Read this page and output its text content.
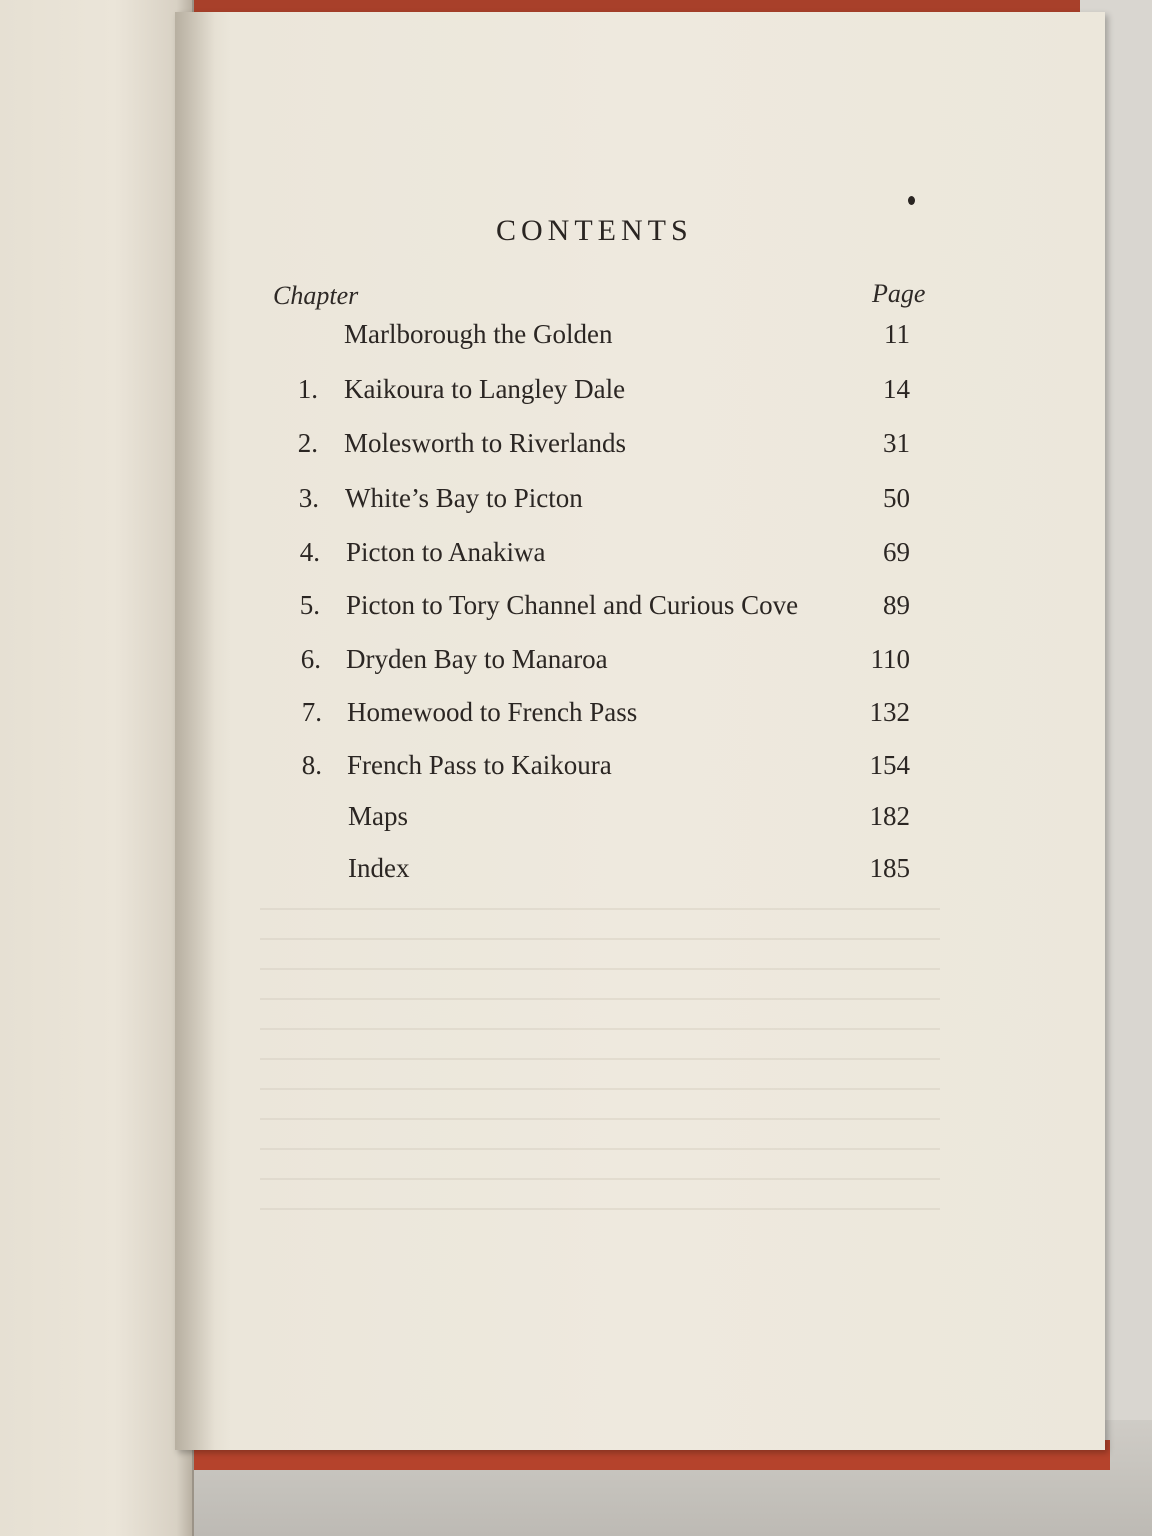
CONTENTS
Chapter	Page
Marlborough the Golden	11
1. Kaikoura to Langley Dale	14
2. Molesworth to Riverlands	31
3. White’s Bay to Picton	50
4. Picton to Anakiwa	69
5. Picton to Tory Channel and Curious Cove	89
6. Dryden Bay to Manaroa	110
7. Homewood to French Pass	132
8. French Pass to Kaikoura	154
Maps	182
Index	185
